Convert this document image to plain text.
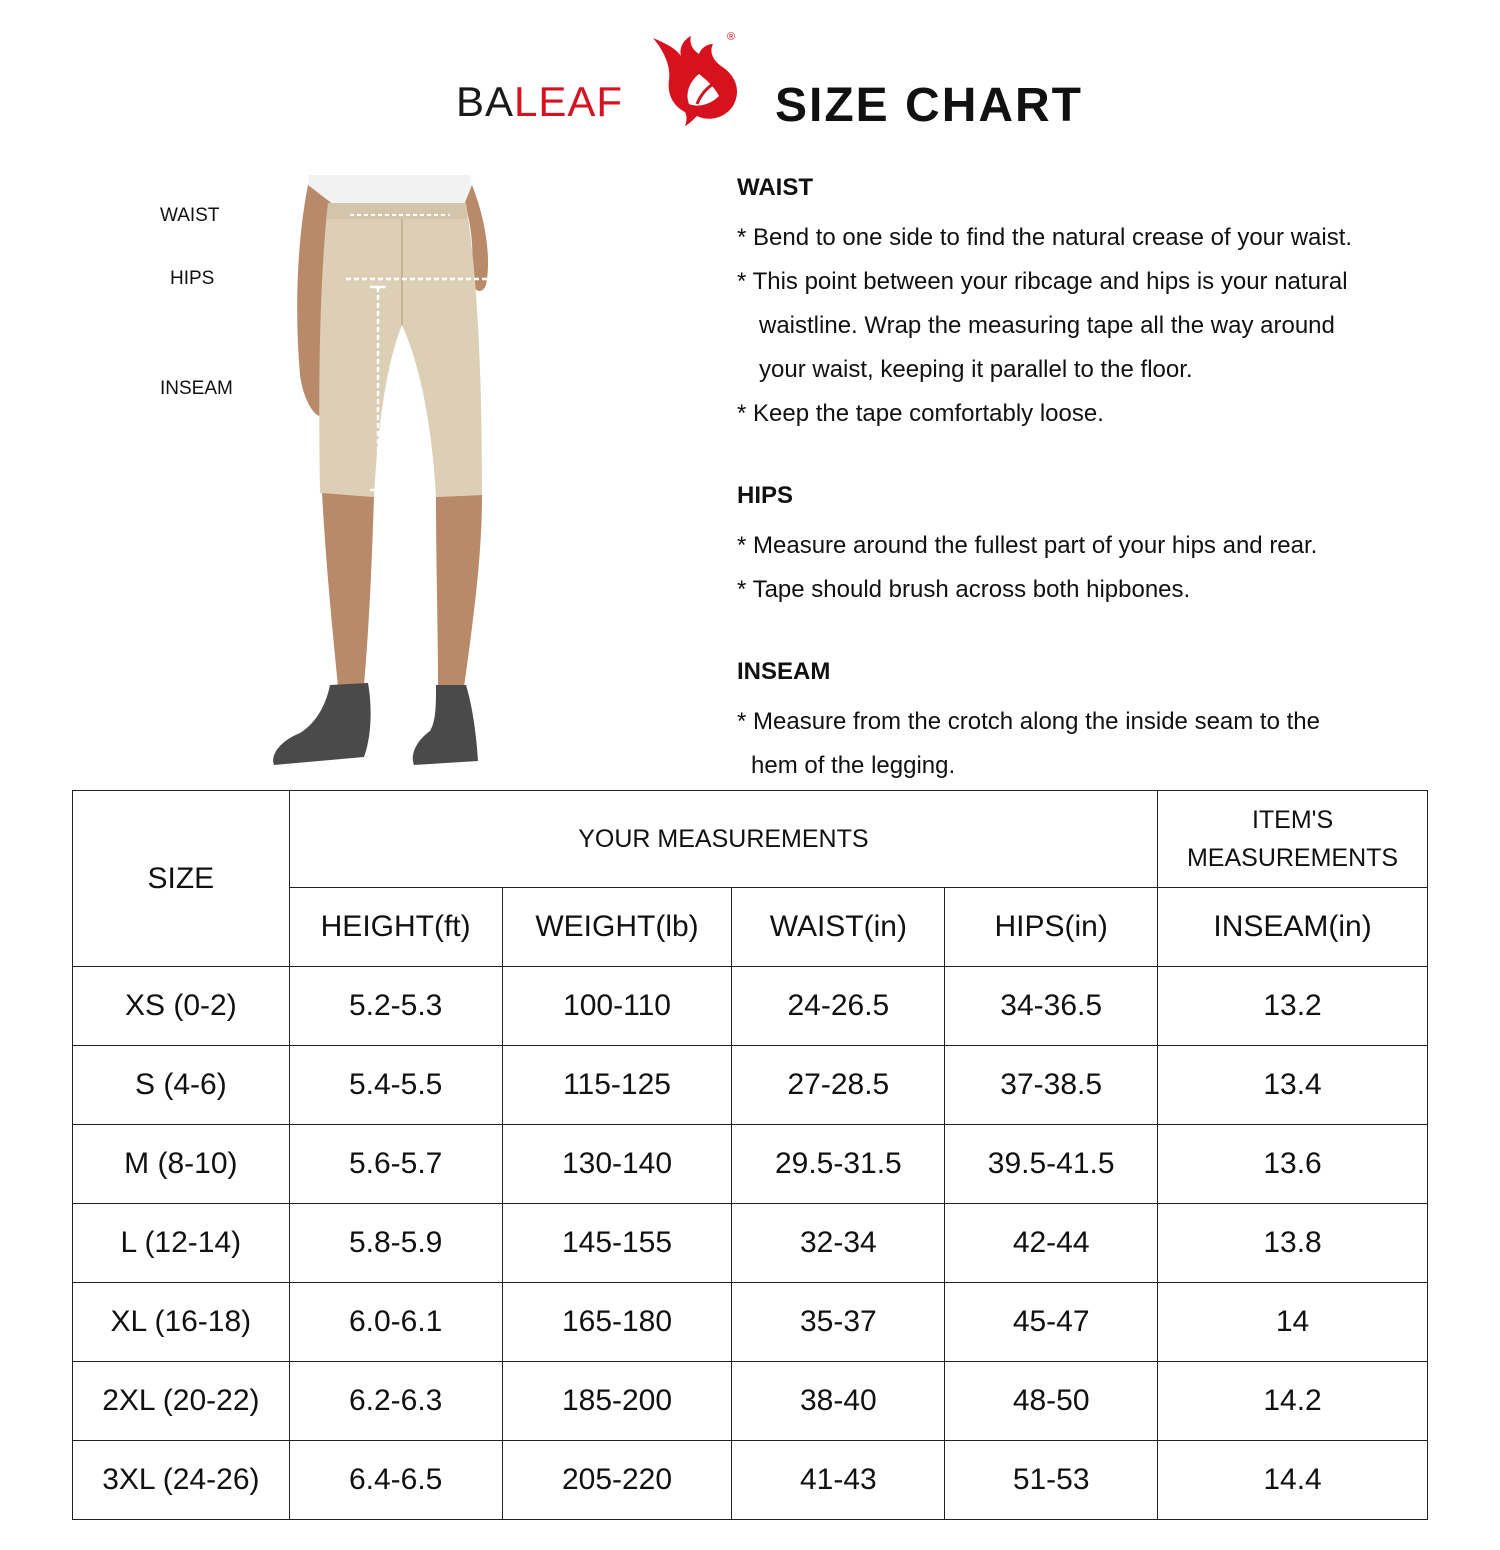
BALEAF
®
SIZE CHART
WAIST
HIPS
INSEAM
WAIST
* Bend to one side to find the natural crease of your waist.
* This point between your ribcage and hips is your natural
waistline. Wrap the measuring tape all the way around
your waist, keeping it parallel to the floor.
* Keep the tape comfortably loose.
HIPS
* Measure around the fullest part of your hips and rear.
* Tape should brush across both hipbones.
INSEAM
* Measure from the crotch along the inside seam to the
hem of the legging.
SIZE	YOUR MEASUREMENTS				ITEM'S
MEASUREMENTS
	HEIGHT(ft)	WEIGHT(lb)	WAIST(in)	HIPS(in)	INSEAM(in)
XS (0-2)	5.2-5.3	100-110	24-26.5	34-36.5	13.2
S (4-6)	5.4-5.5	115-125	27-28.5	37-38.5	13.4
M (8-10)	5.6-5.7	130-140	29.5-31.5	39.5-41.5	13.6
L (12-14)	5.8-5.9	145-155	32-34	42-44	13.8
XL (16-18)	6.0-6.1	165-180	35-37	45-47	14
2XL (20-22)	6.2-6.3	185-200	38-40	48-50	14.2
3XL (24-26)	6.4-6.5	205-220	41-43	51-53	14.4
